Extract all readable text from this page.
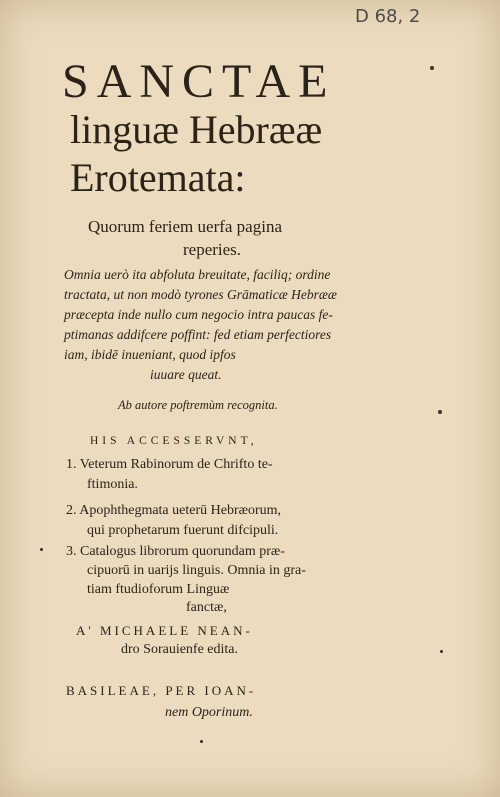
D 68, 2
SANCTAE
linguæ Hebrææ
Erotemata:
Quorum feriem uerfa pagina
reperies.
Omnia uerò ita abfoluta breuitate, faciliq; ordine
tractata, ut non modò tyrones Grāmaticæ Hebrææ
præcepta inde nullo cum negocio intra paucas fe-
ptimanas addifcere poffint: fed etiam perfectiores
iam, ibidē inueniant, quod ipfos
iuuare queat.
Ab autore poftremùm recognita.
HIS ACCESSERVNT,
1. Veterum Rabinorum de Chrifto te-
ftimonia.
2. Apophthegmata ueterū Hebræorum,
qui prophetarum fuerunt difcipuli.
3. Catalogus librorum quorundam præ-
cipuorū in uarijs linguis. Omnia in gra-
tiam ftudioforum Linguæ
fanctæ,
A' MICHAELE NEAN-
dro Sorauienfe edita.
BASILEAE, PER IOAN-
nem Oporinum.
